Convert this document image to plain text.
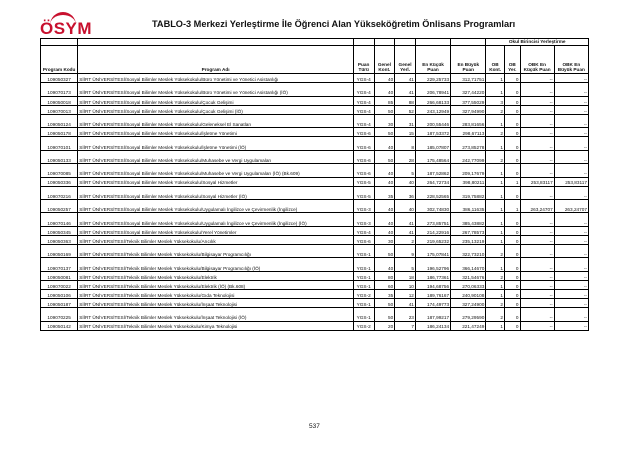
ÖSYM	TABLO-3 Merkezi Yerleştirme İle Öğrenci Alan Yükseköğretim Önlisans Programları
							Okul Birincisi Yerleştirme			
Program Kodu	Program Adı	Puan Türü	Genel Kont.	Genel Yerl.	En Küçük Puan	En Büyük Puan	OB Kont.	OB Yer.	OBK En Küçük Puan	OBK En Büyük Puan
109050327	SİİRT ÜNİVERSİTESİ/Sosyal Bilimler Meslek Yüksekokulu/Büro Yönetimi ve Yönetici Asistanlığı	YGS-4	40	41	229,25733	312,71751	1	0	--	--
109070173	SİİRT ÜNİVERSİTESİ/Sosyal Bilimler Meslek Yüksekokulu/Büro Yönetimi ve Yönetici Asistanlığı (İÖ)	YGS-4	40	41	206,78941	327,44220	1	0	--	--
109050018	SİİRT ÜNİVERSİTESİ/Sosyal Bilimler Meslek Yüksekokulu/Çocuk Gelişimi	YGS-4	85	88	266,68133	377,55029	3	0	--	--
109070013	SİİRT ÜNİVERSİTESİ/Sosyal Bilimler Meslek Yüksekokulu/Çocuk Gelişimi (İÖ)	YGS-4	50	52	243,12949	327,94990	2	0	--	--
109050124	SİİRT ÜNİVERSİTESİ/Sosyal Bilimler Meslek Yüksekokulu/Geleneksel El Sanatları	YGS-4	30	31	200,55446	283,81656	1	0	--	--
109050178	SİİRT ÜNİVERSİTESİ/Sosyal Bilimler Meslek Yüksekokulu/İşletme Yönetimi	YGS-6	50	15	187,53372	298,67113	2	0	--	--
109070101	SİİRT ÜNİVERSİTESİ/Sosyal Bilimler Meslek Yüksekokulu/İşletme Yönetimi (İÖ)	YGS-6	40	8	185,07807	273,85278	1	0	--	--
109050133	SİİRT ÜNİVERSİTESİ/Sosyal Bilimler Meslek Yüksekokulu/Muhasebe ve Vergi Uygulamaları	YGS-6	50	28	175,48564	242,77099	2	0	--	--
109070085	SİİRT ÜNİVERSİTESİ/Sosyal Bilimler Meslek Yüksekokulu/Muhasebe ve Vergi Uygulamaları (İÖ) (Bk.609)	YGS-6	40	5	187,52862	209,17679	1	0	--	--
109050336	SİİRT ÜNİVERSİTESİ/Sosyal Bilimler Meslek Yüksekokulu/Sosyal Hizmetler	YGS-5	40	40	264,72734	398,80211	1	1	253,83117	253,83117
109070216	SİİRT ÜNİVERSİTESİ/Sosyal Bilimler Meslek Yüksekokulu/Sosyal Hizmetler (İÖ)	YGS-5	35	36	228,52565	319,75882	1	0	--	--
109050257	SİİRT ÜNİVERSİTESİ/Sosyal Bilimler Meslek Yüksekokulu/Uygulamalı İngilizce ve Çevirmenlik (İngilizce)	YGS-3	40	40	302,74830	386,11635	1	1	263,24707	263,24707
109070146	SİİRT ÜNİVERSİTESİ/Sosyal Bilimler Meslek Yüksekokulu/Uygulamalı İngilizce ve Çevirmenlik (İngilizce) (İÖ)	YGS-3	40	41	273,85751	385,43882	1	0	--	--
109050345	SİİRT ÜNİVERSİTESİ/Sosyal Bilimler Meslek Yüksekokulu/Yerel Yönetimler	YGS-4	40	41	214,22916	267,78573	1	0	--	--
109050363	SİİRT ÜNİVERSİTESİ/Teknik Bilimler Meslek Yüksekokulu/Arıcılık	YGS-6	30	2	219,65232	235,13219	1	0	--	--
109050169	SİİRT ÜNİVERSİTESİ/Teknik Bilimler Meslek Yüksekokulu/Bilgisayar Programcılığı	YGS-1	50	9	175,07841	322,73210	2	0	--	--
109070137	SİİRT ÜNİVERSİTESİ/Teknik Bilimler Meslek Yüksekokulu/Bilgisayar Programcılığı (İÖ)	YGS-1	40	5	196,52796	366,14670	1	0	--	--
109050081	SİİRT ÜNİVERSİTESİ/Teknik Bilimler Meslek Yüksekokulu/Elektrik	YGS-1	80	18	186,77361	321,54676	2	0	--	--
109070022	SİİRT ÜNİVERSİTESİ/Teknik Bilimler Meslek Yüksekokulu/Elektrik (İÖ) (Bk.608)	YGS-1	60	10	194,68756	270,06333	1	0	--	--
109050106	SİİRT ÜNİVERSİTESİ/Teknik Bilimler Meslek Yüksekokulu/Gıda Teknolojisi	YGS-2	35	12	189,76167	240,90108	1	0	--	--
109050187	SİİRT ÜNİVERSİTESİ/Teknik Bilimler Meslek Yüksekokulu/İnşaat Teknolojisi	YGS-1	50	41	174,49773	327,24900	2	0	--	--
109070225	SİİRT ÜNİVERSİTESİ/Teknik Bilimler Meslek Yüksekokulu/İnşaat Teknolojisi (İÖ)	YGS-1	50	23	187,99217	279,29590	2	0	--	--
109050142	SİİRT ÜNİVERSİTESİ/Teknik Bilimler Meslek Yüksekokulu/Kimya Teknolojisi	YGS-2	20	7	186,24134	221,47249	1	0	--	--
537
